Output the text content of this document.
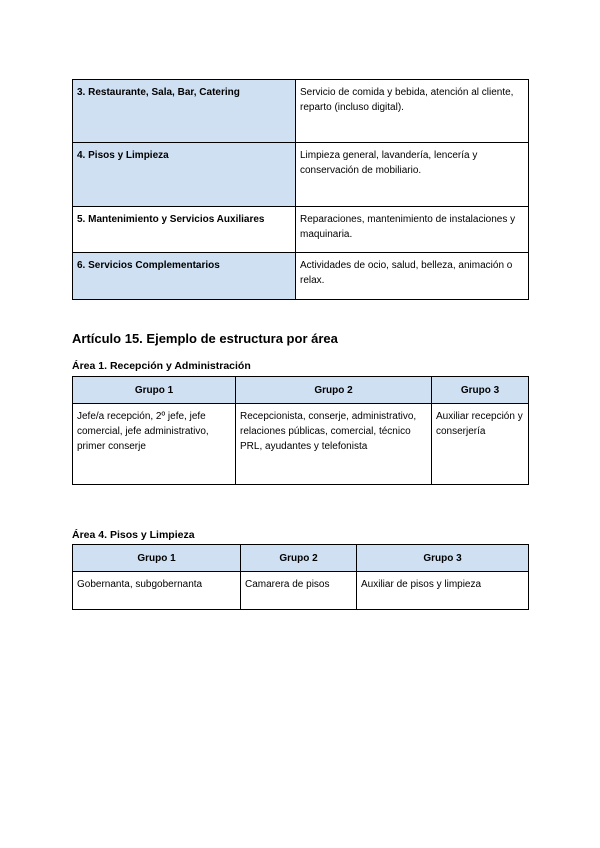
3. Restaurante, Sala, Bar, Catering	Servicio de comida y bebida, atención al cliente, reparto (incluso digital).
4. Pisos y Limpieza	Limpieza general, lavandería, lencería y conservación de mobiliario.
5. Mantenimiento y Servicios Auxiliares	Reparaciones, mantenimiento de instalaciones y maquinaria.
6. Servicios Complementarios	Actividades de ocio, salud, belleza, animación o relax.
Artículo 15. Ejemplo de estructura por área
Área 1. Recepción y Administración
Grupo 1	Grupo 2	Grupo 3
Jefe/a recepción, 2º jefe, jefe comercial, jefe administrativo, primer conserje	Recepcionista, conserje, administrativo, relaciones públicas, comercial, técnico PRL, ayudantes y telefonista	Auxiliar recepción y conserjería
Área 4. Pisos y Limpieza
Grupo 1	Grupo 2	Grupo 3
Gobernanta, subgobernanta	Camarera de pisos	Auxiliar de pisos y limpieza
